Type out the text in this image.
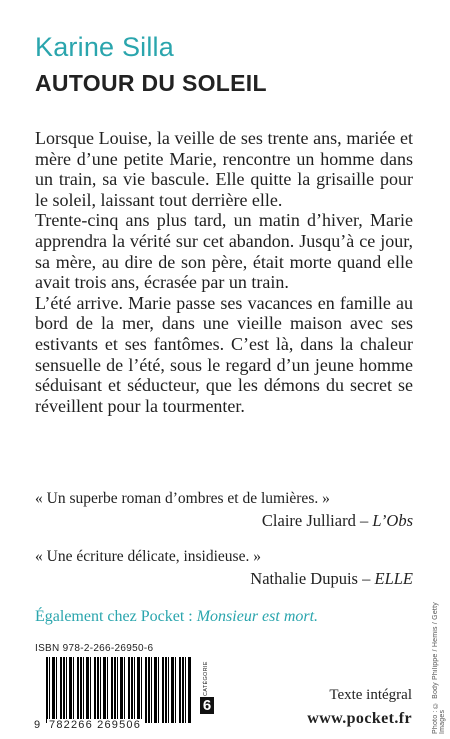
Karine Silla
AUTOUR DU SOLEIL

Lorsque Louise, la veille de ses trente ans, mariée et mère d’une petite Marie, rencontre un homme dans un train, sa vie bascule. Elle quitte la grisaille pour le soleil, laissant tout derrière elle.

Trente-cinq ans plus tard, un matin d’hiver, Marie apprendra la vérité sur cet abandon. Jusqu’à ce jour, sa mère, au dire de son père, était morte quand elle avait trois ans, écrasée par un train.

L’été arrive. Marie passe ses vacances en famille au bord de la mer, dans une vieille maison avec ses estivants et ses fantômes. C’est là, dans la chaleur sensuelle de l’été, sous le regard d’un jeune homme séduisant et séducteur, que les démons du secret se réveillent pour la tourmenter.

« Un superbe roman d’ombres et de lumières. »
Claire Julliard – L’Obs
« Une écriture délicate, insidieuse. »
Nathalie Dupuis – ELLE
Également chez Pocket : Monsieur est mort.
ISBN 978-2-266-26950-6
9 782266 269506
CATÉGORIE
6
Texte intégral
www.pocket.fr	Photo : © Body Philippe / Hemis / Getty Images
